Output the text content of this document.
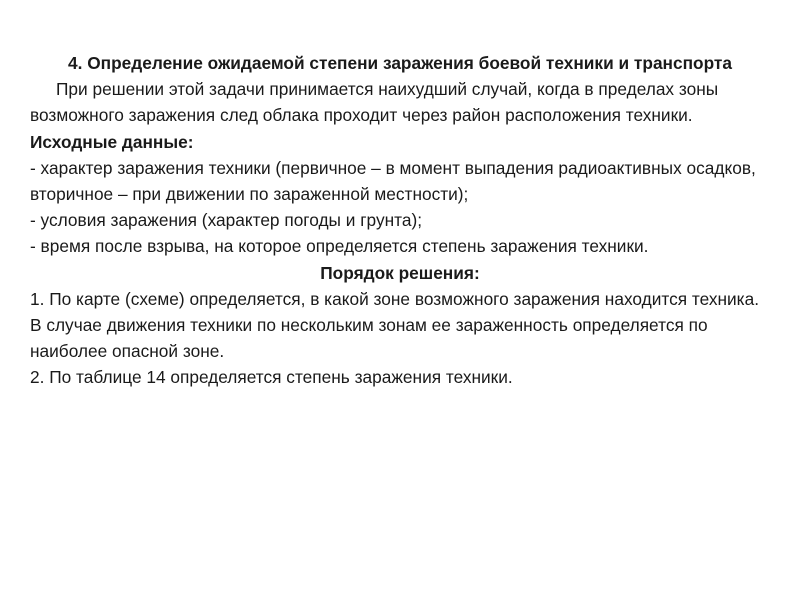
4. Определение ожидаемой степени заражения боевой техники и транспорта

При решении этой задачи принимается наихудший случай, когда в пределах зоны возможного заражения след облака проходит через район расположения техники.

Исходные данные:

- характер заражения техники (первичное – в момент выпадения радиоактивных осадков, вторичное – при движении по зараженной местности);

- условия заражения (характер погоды и грунта);

- время после взрыва, на которое определяется степень заражения техники.

Порядок решения:

1. По карте (схеме) определяется, в какой зоне возможного заражения находится техника. В случае движения техники по нескольким зонам ее зараженность определяется по наиболее опасной зоне.

2. По таблице 14 определяется степень заражения техники.
